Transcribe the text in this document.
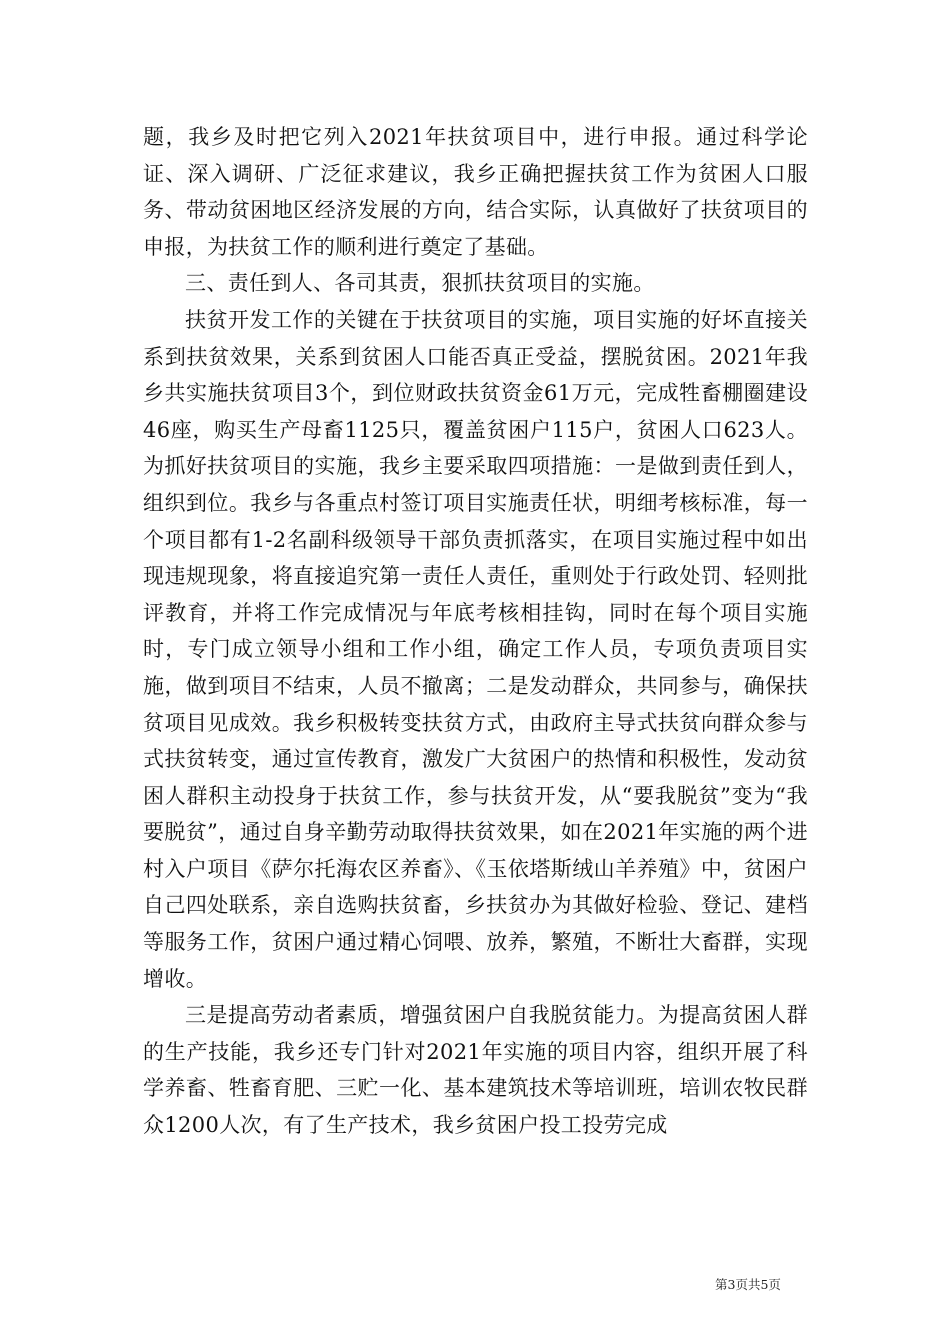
题，我乡及时把它列入2021年扶贫项目中，进行申报。通过科学论证、深入调研、广泛征求建议，我乡正确把握扶贫工作为贫困人口服务、带动贫困地区经济发展的方向，结合实际，认真做好了扶贫项目的申报，为扶贫工作的顺利进行奠定了基础。

三、责任到人、各司其责，狠抓扶贫项目的实施。

扶贫开发工作的关键在于扶贫项目的实施，项目实施的好坏直接关系到扶贫效果，关系到贫困人口能否真正受益，摆脱贫困。2021年我乡共实施扶贫项目3个，到位财政扶贫资金61万元，完成牲畜棚圈建设46座，购买生产母畜1125只，覆盖贫困户115户，贫困人口623人。为抓好扶贫项目的实施，我乡主要采取四项措施：一是做到责任到人，组织到位。我乡与各重点村签订项目实施责任状，明细考核标准，每一个项目都有1-2名副科级领导干部负责抓落实，在项目实施过程中如出现违规现象，将直接追究第一责任人责任，重则处于行政处罚、轻则批评教育，并将工作完成情况与年底考核相挂钩，同时在每个项目实施时，专门成立领导小组和工作小组，确定工作人员，专项负责项目实施，做到项目不结束，人员不撤离；二是发动群众，共同参与，确保扶贫项目见成效。我乡积极转变扶贫方式，由政府主导式扶贫向群众参与式扶贫转变，通过宣传教育，激发广大贫困户的热情和积极性，发动贫困人群积主动投身于扶贫工作，参与扶贫开发，从“要我脱贫”变为“我要脱贫”，通过自身辛勤劳动取得扶贫效果，如在2021年实施的两个进村入户项目《萨尔托海农区养畜》、《玉依塔斯绒山羊养殖》中，贫困户自己四处联系，亲自选购扶贫畜，乡扶贫办为其做好检验、登记、建档等服务工作，贫困户通过精心饲喂、放养，繁殖，不断壮大畜群，实现增收。

三是提高劳动者素质，增强贫困户自我脱贫能力。为提高贫困人群的生产技能，我乡还专门针对2021年实施的项目内容，组织开展了科学养畜、牲畜育肥、三贮一化、基本建筑技术等培训班，培训农牧民群众1200人次，有了生产技术，我乡贫困户投工投劳完成

第3页共5页
